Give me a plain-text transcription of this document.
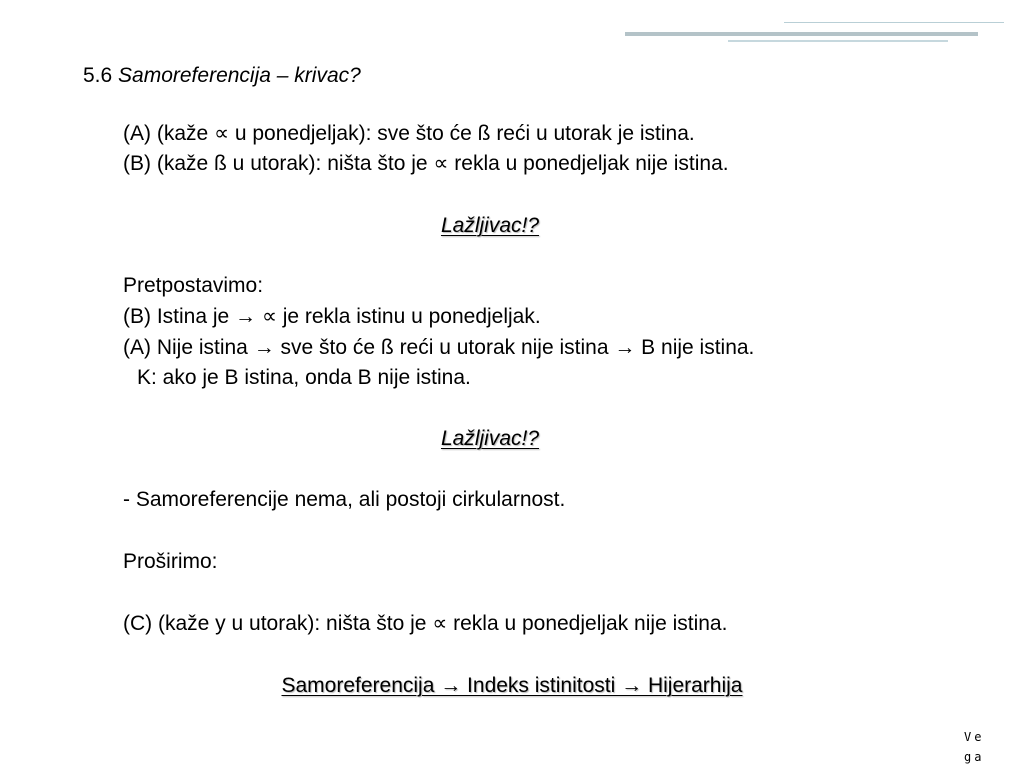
5.6 Samoreferencija – krivac?
(A) (kaže ∝ u ponedjeljak): sve što će ß reći u utorak je istina.
(B) (kaže ß u utorak): ništa što je ∝ rekla u ponedjeljak nije istina.
Lažljivac!?
Pretpostavimo:
(B) Istina je → ∝ je rekla istinu u ponedjeljak.
(A) Nije istina → sve što će ß reći u utorak nije istina → B nije istina.
K: ako je B istina, onda B nije istina.
Lažljivac!?
- Samoreferencije nema, ali postoji cirkularnost.
Proširimo:
(C) (kaže y u utorak): ništa što je ∝ rekla u ponedjeljak nije istina.
Samoreferencija → Indeks istinitosti → Hijerarhija
Vega
